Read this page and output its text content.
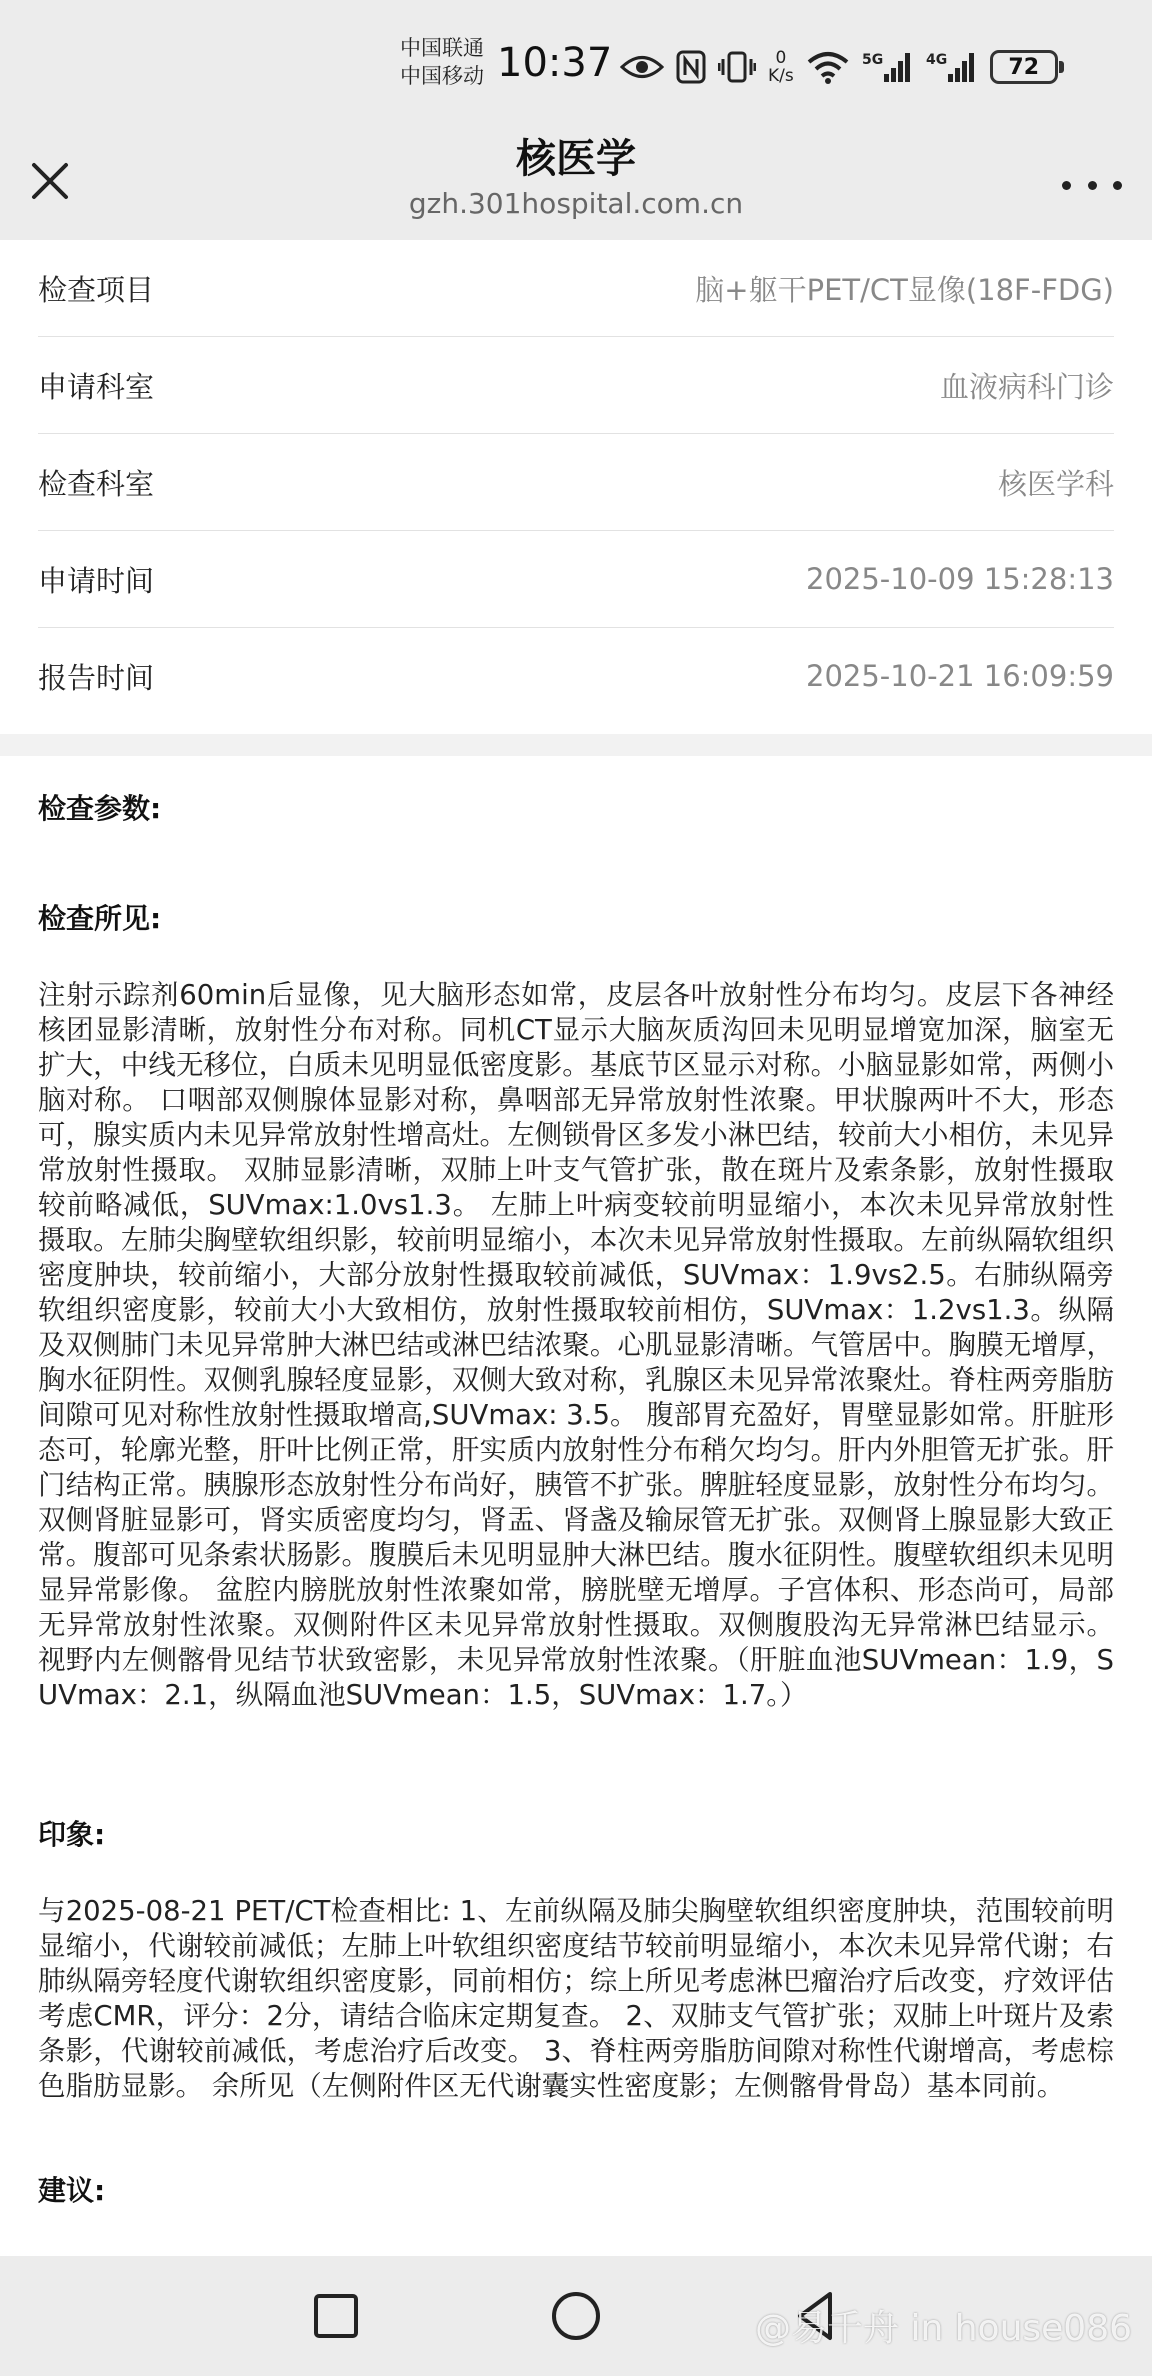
中国联通
中国移动 10:37	0
K/s
5G	4G	72
核医学
gzh.301hospital.com.cn
检查项目	脑+躯干PET/CT显像(18F-FDG)
申请科室	血液病科门诊
检查科室	核医学科
申请时间	2025-10-09 15:28:13
报告时间	2025-10-21 16:09:59
检查参数:
检查所见:
注射示踪剂60min后显像，见大脑形态如常，皮层各叶放射性分布均匀。皮层下各神经核团显影清晰，放射性分布对称。同机CT显示大脑灰质沟回未见明显增宽加深，脑室无扩大，中线无移位，白质未见明显低密度影。基底节区显示对称。小脑显影如常，两侧小脑对称。 口咽部双侧腺体显影对称，鼻咽部无异常放射性浓聚。甲状腺两叶不大，形态可，腺实质内未见异常放射性增高灶。左侧锁骨区多发小淋巴结，较前大小相仿，未见异常放射性摄取。 双肺显影清晰，双肺上叶支气管扩张，散在斑片及索条影，放射性摄取较前略减低，SUVmax:1.0vs1.3。 左肺上叶病变较前明显缩小，本次未见异常放射性摄取。左肺尖胸壁软组织影，较前明显缩小，本次未见异常放射性摄取。左前纵隔软组织密度肿块，较前缩小，大部分放射性摄取较前减低，SUVmax：1.9vs2.5。右肺纵隔旁软组织密度影，较前大小大致相仿，放射性摄取较前相仿，SUVmax：1.2vs1.3。纵隔及双侧肺门未见异常肿大淋巴结或淋巴结浓聚。心肌显影清晰。气管居中。胸膜无增厚，胸水征阴性。双侧乳腺轻度显影，双侧大致对称，乳腺区未见异常浓聚灶。脊柱两旁脂肪间隙可见对称性放射性摄取增高,SUVmax: 3.5。 腹部胃充盈好，胃壁显影如常。肝脏形态可，轮廓光整，肝叶比例正常，肝实质内放射性分布稍欠均匀。肝内外胆管无扩张。肝门结构正常。胰腺形态放射性分布尚好，胰管不扩张。脾脏轻度显影，放射性分布均匀。双侧肾脏显影可，肾实质密度均匀，肾盂、肾盏及输尿管无扩张。双侧肾上腺显影大致正常。腹部可见条索状肠影。腹膜后未见明显肿大淋巴结。腹水征阴性。腹壁软组织未见明显异常影像。 盆腔内膀胱放射性浓聚如常，膀胱壁无增厚。子宫体积、形态尚可，局部无异常放射性浓聚。双侧附件区未见异常放射性摄取。双侧腹股沟无异常淋巴结显示。 视野内左侧髂骨见结节状致密影，未见异常放射性浓聚。（肝脏血池SUVmean：1.9，SUVmax：2.1，纵隔血池SUVmean：1.5，SUVmax：1.7。）
印象:
与2025-08-21 PET/CT检查相比: 1、左前纵隔及肺尖胸壁软组织密度肿块，范围较前明显缩小，代谢较前减低；左肺上叶软组织密度结节较前明显缩小，本次未见异常代谢；右肺纵隔旁轻度代谢软组织密度影，同前相仿；综上所见考虑淋巴瘤治疗后改变，疗效评估考虑CMR，评分：2分，请结合临床定期复查。 2、双肺支气管扩张；双肺上叶斑片及索条影，代谢较前减低，考虑治疗后改变。 3、脊柱两旁脂肪间隙对称性代谢增高，考虑棕色脂肪显影。 余所见（左侧附件区无代谢囊实性密度影；左侧髂骨骨岛）基本同前。
建议:
@易千舟 in house086
